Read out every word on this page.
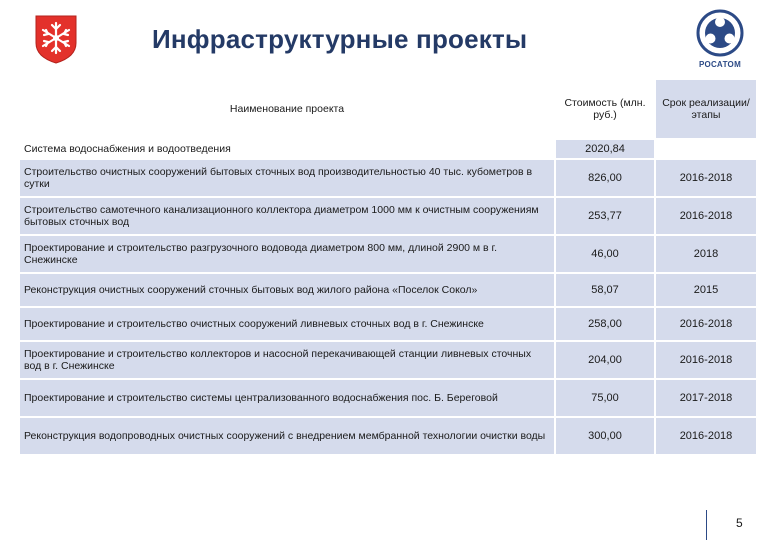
Инфраструктурные проекты
РОСАТОМ
Наименование проекта	Стоимость (млн. руб.)	Срок реализации/ этапы
Система водоснабжения и водоотведения	2020,84	
Строительство очистных сооружений бытовых сточных вод производительностью 40 тыс. кубометров в сутки	826,00	2016-2018
Строительство самотечного канализационного коллектора диаметром 1000 мм к очистным сооружениям бытовых сточных вод	253,77	2016-2018
Проектирование и строительство разгрузочного водовода диаметром 800 мм, длиной 2900 м в г. Снежинске	46,00	2018
Реконструкция очистных сооружений сточных бытовых вод жилого района «Поселок Сокол»	58,07	2015
Проектирование и строительство очистных сооружений ливневых сточных вод в г. Снежинске	258,00	2016-2018
Проектирование и строительство коллекторов и насосной перекачивающей станции ливневых сточных вод в г. Снежинске	204,00	2016-2018
Проектирование и строительство системы централизованного водоснабжения пос. Б. Береговой	75,00	2017-2018
Реконструкция водопроводных очистных сооружений с внедрением мембранной технологии очистки воды	300,00	2016-2018
5
